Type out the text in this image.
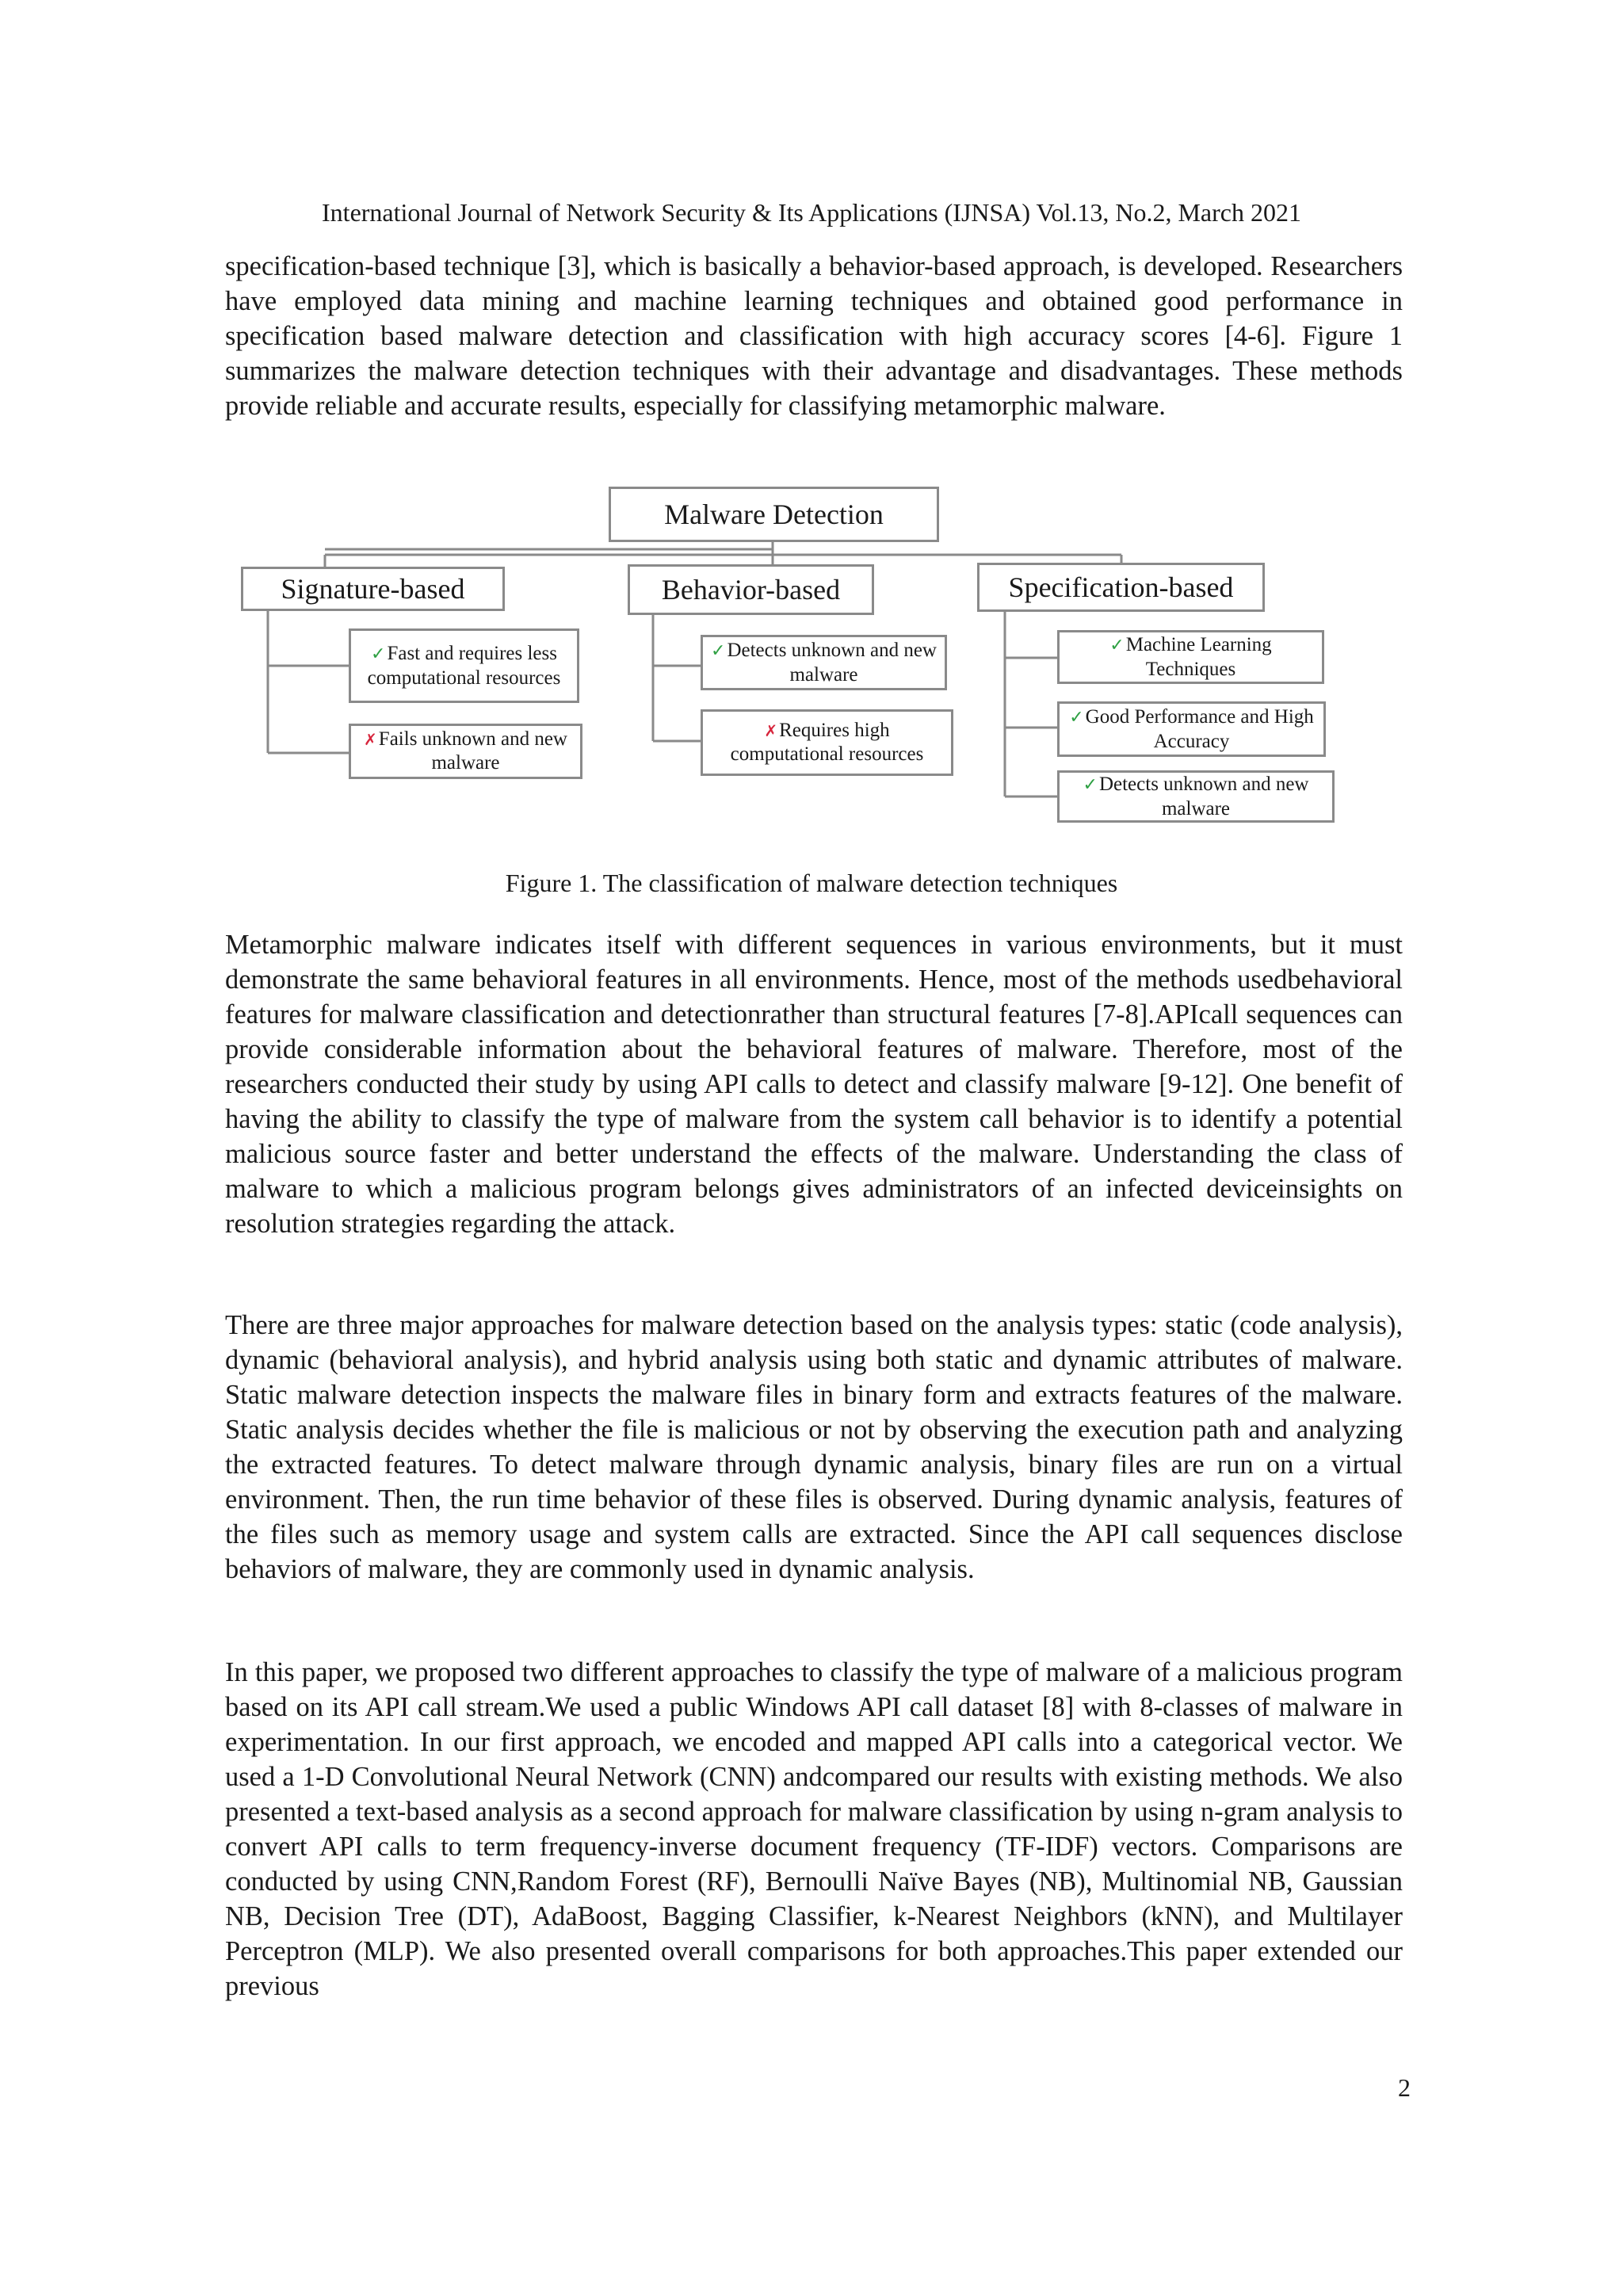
International Journal of Network Security & Its Applications (IJNSA) Vol.13, No.2, March 2021

specification-based technique [3], which is basically a behavior-based approach, is developed. Researchers have employed data mining and machine learning techniques and obtained good performance in specification based malware detection and classification with high accuracy scores [4-6]. Figure 1 summarizes the malware detection techniques with their advantage and disadvantages. These methods provide reliable and accurate results, especially for classifying metamorphic malware.

Malware Detection
Signature-based	Behavior-based	Specification-based
✓Fast and requires less computational resources
✗Fails unknown and new malware
✓Detects unknown and new malware
✗Requires high computational resources
✓Machine Learning Techniques
✓Good Performance and High Accuracy
✓Detects unknown and new malware
Figure 1. The classification of malware detection techniques

Metamorphic malware indicates itself with different sequences in various environments, but it must demonstrate the same behavioral features in all environments. Hence, most of the methods usedbehavioral features for malware classification and detectionrather than structural features [7-8].APIcall sequences can provide considerable information about the behavioral features of malware. Therefore, most of the researchers conducted their study by using API calls to detect and classify malware [9-12]. One benefit of having the ability to classify the type of malware from the system call behavior is to identify a potential malicious source faster and better understand the effects of the malware. Understanding the class of malware to which a malicious program belongs gives administrators of an infected deviceinsights on resolution strategies regarding the attack.

There are three major approaches for malware detection based on the analysis types: static (code analysis), dynamic (behavioral analysis), and hybrid analysis using both static and dynamic attributes of malware. Static malware detection inspects the malware files in binary form and extracts features of the malware. Static analysis decides whether the file is malicious or not by observing the execution path and analyzing the extracted features. To detect malware through dynamic analysis, binary files are run on a virtual environment. Then, the run time behavior of these files is observed. During dynamic analysis, features of the files such as memory usage and system calls are extracted. Since the API call sequences disclose behaviors of malware, they are commonly used in dynamic analysis.

In this paper, we proposed two different approaches to classify the type of malware of a malicious program based on its API call stream.We used a public Windows API call dataset [8] with 8-classes of malware in experimentation. In our first approach, we encoded and mapped API calls into a categorical vector. We used a 1-D Convolutional Neural Network (CNN) andcompared our results with existing methods. We also presented a text-based analysis as a second approach for malware classification by using n-gram analysis to convert API calls to term frequency-inverse document frequency (TF-IDF) vectors. Comparisons are conducted by using CNN,Random Forest (RF), Bernoulli Naïve Bayes (NB), Multinomial NB, Gaussian NB, Decision Tree (DT), AdaBoost, Bagging Classifier, k-Nearest Neighbors (kNN), and Multilayer Perceptron (MLP). We also presented overall comparisons for both approaches.This paper extended our previous

2
